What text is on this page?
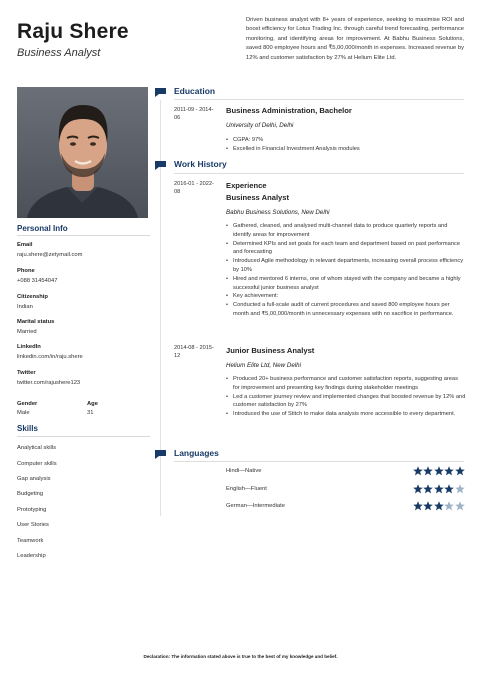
Raju Shere
Business Analyst
Driven business analyst with 8+ years of experience, seeking to maximise ROI and boost efficiency for Lotus Trading Inc. through careful trend forecasting, performance monitoring, and identifying areas for improvement. At Babhu Business Solutions, saved 800 employee hours and ₹5,00,000/month in expenses. Increased revenue by 12% and customer satisfaction by 27% at Helium Elite Ltd.
Personal Info
Email
raju.shere@zetymail.com
Phone
+088 31454047
Citizenship
Indian
Marital status
Married
LinkedIn
linkedin.com/in/raju.shere
Twitter
twitter.com/rajushere123
Gender
Male
Age
31
Skills
Analytical skills
Computer skills
Gap analysis
Budgeting
Prototyping
User Stories
Teamwork
Leadership
Education
2011-09 - 2014-06
Business Administration, Bachelor
University of Delhi, Delhi
• CGPA: 97%
• Excelled in Financial Investment Analysis modules
Work History
2016-01 - 2022-08
Experience
Business Analyst
Babhu Business Solutions, New Delhi
• Gathered, cleaned, and analysed multi-channel data to produce quarterly reports and identify areas for improvement
• Determined KPIs and set goals for each team and department based on past performance and forecasting
• Introduced Agile methodology in relevant departments, increasing overall process efficiency by 10%
• Hired and mentored 6 interns, one of whom stayed with the company and became a highly successful junior business analyst
• Key achievement:
• Conducted a full-scale audit of current procedures and saved 800 employee hours per month and ₹5,00,000/month in unnecessary expenses with no sacrifice in performance.
2014-08 - 2015-12
Junior Business Analyst
Helium Elite Ltd, New Delhi
• Produced 20+ business performance and customer satisfaction reports, suggesting areas for improvement and presenting key findings during stakeholder meetings
• Led a customer journey review and implemented changes that boosted revenue by 12% and customer satisfaction by 27%
• Introduced the use of Stitch to make data analysis more accessible to every department.
Languages
Hindi—Native
English—Fluent
German—Intermediate
Declaration: The information stated above is true to the best of my knowledge and belief.
